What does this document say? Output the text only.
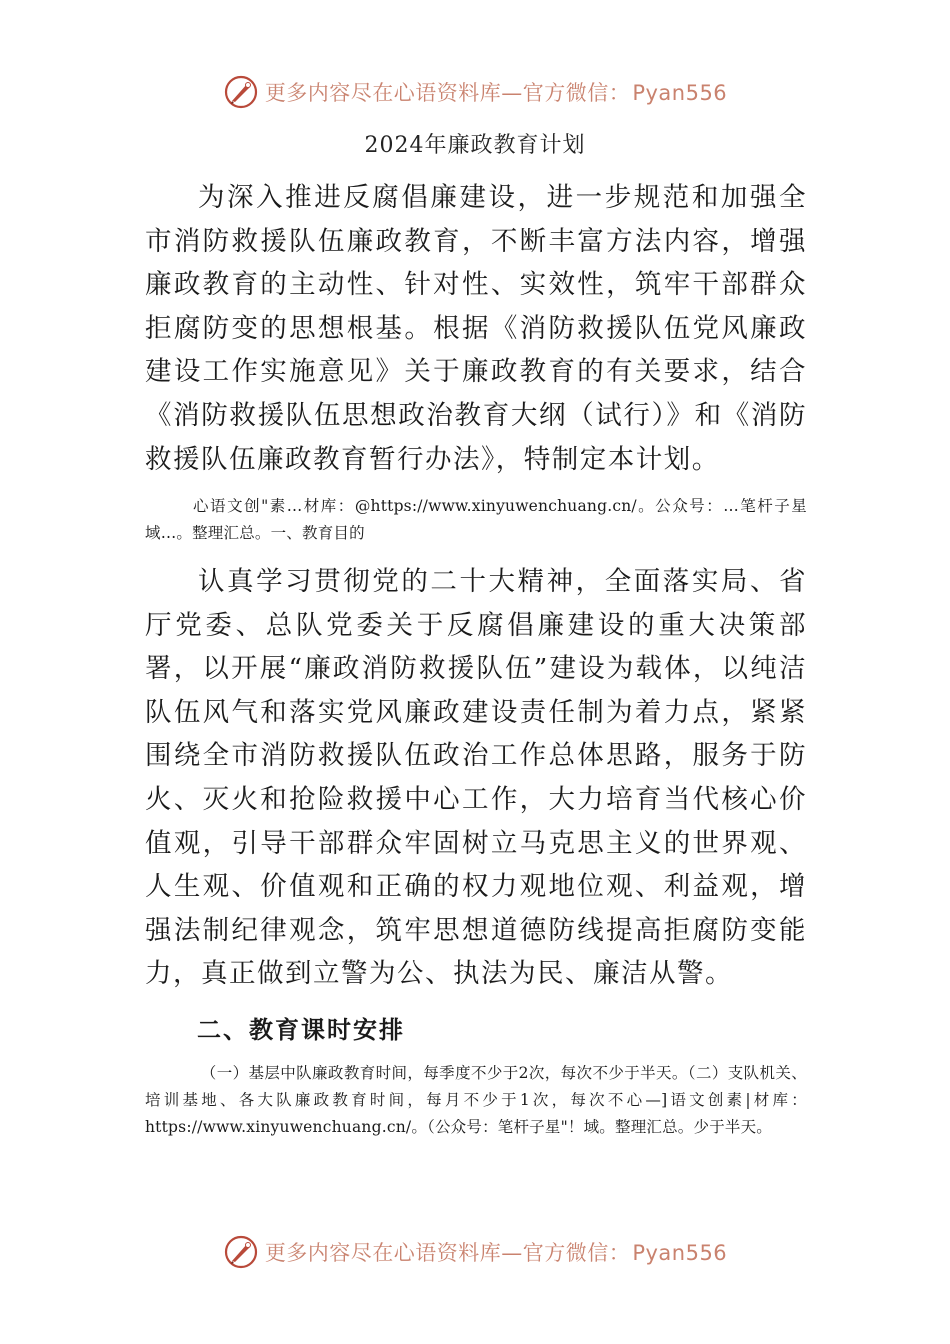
更多内容尽在心语资料库—官方微信：Pyan556
2024年廉政教育计划

为深入推进反腐倡廉建设，进一步规范和加强全市消防救援队伍廉政教育，不断丰富方法内容，增强廉政教育的主动性、针对性、实效性，筑牢干部群众拒腐防变的思想根基。根据《消防救援队伍党风廉政建设工作实施意见》关于廉政教育的有关要求，结合《消防救援队伍思想政治教育大纲（试行）》和《消防救援队伍廉政教育暂行办法》，特制定本计划。

心语文创"素…材库：@https://www.xinyuwenchuang.cn/。公众号：…笔杆子星域…。整理汇总。一、教育目的

认真学习贯彻党的二十大精神，全面落实局、省厅党委、总队党委关于反腐倡廉建设的重大决策部署，以开展“廉政消防救援队伍”建设为载体，以纯洁队伍风气和落实党风廉政建设责任制为着力点，紧紧围绕全市消防救援队伍政治工作总体思路，服务于防火、灭火和抢险救援中心工作，大力培育当代核心价值观，引导干部群众牢固树立马克思主义的世界观、人生观、价值观和正确的权力观地位观、利益观，增强法制纪律观念，筑牢思想道德防线提高拒腐防变能力，真正做到立警为公、执法为民、廉洁从警。

二、教育课时安排

（一）基层中队廉政教育时间，每季度不少于2次，每次不少于半天。（二）支队机关、培训基地、各大队廉政教育时间，每月不少于1次，每次不心—]语文创素|材库：https://www.xinyuwenchuang.cn/。（公众号：笔杆子星"！域。整理汇总。少于半天。

更多内容尽在心语资料库—官方微信：Pyan556
